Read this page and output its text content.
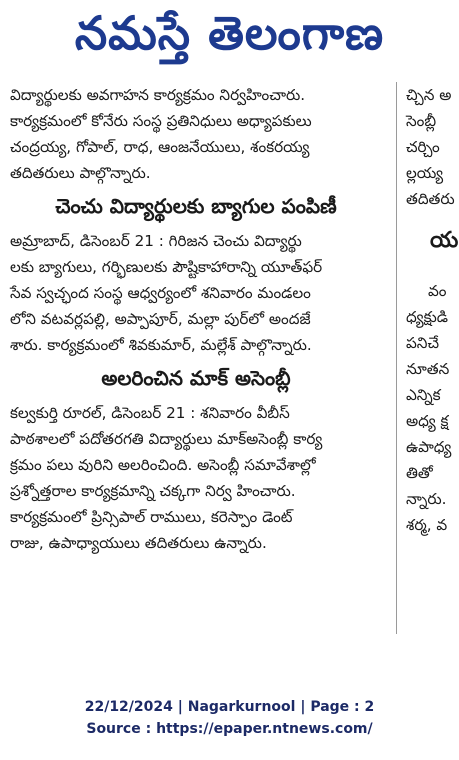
నమస్తే తెలంగాణ

విద్యార్థులకు అవగాహన కార్యక్రమం నిర్వహించారు.

కార్యక్రమంలో కోనేరు సంస్థ ప్రతినిధులు అధ్యాపకులు

చంద్రయ్య, గోపాల్, రాధ, ఆంజనేయులు, శంకరయ్య

తదితరులు పాల్గొన్నారు.

చెంచు విద్యార్థులకు బ్యాగుల పంపిణీ

అమ్రాబాద్, డిసెంబర్ 21 : గిరిజన చెంచు విద్యార్థు

లకు బ్యాగులు, గర్భిణులకు పౌష్టికాహారాన్ని యూత్‌ఫర్

సేవ స్వచ్ఛంద సంస్థ ఆధ్వర్యంలో శనివారం మండలం

లోని వటవర్లపల్లి, అప్పాపూర్, మల్లా పుర్‌లో అందజే

శారు. కార్యక్రమంలో శివకుమార్, మల్లేశ్ పాల్గొన్నారు.

అలరించిన మాక్ అసెంబ్లీ

కల్వకుర్తి రూరల్, డిసెంబర్ 21 : శనివారం వీబీస్

పాఠశాలలో పదోతరగతి విద్యార్థులు మాక్‌అసెంబ్లీ కార్య

క్రమం పలు వురిని అలరించింది. అసెంబ్లీ సమావేశాల్లో

ప్రశ్నోత్తరాల కార్యక్రమాన్ని చక్కగా నిర్వ హించారు.

కార్యక్రమంలో ప్రిన్సిపాల్ రాములు, కరెస్పాం డెంట్

రాజు, ఉపాధ్యాయులు తదితరులు ఉన్నారు.

చ్చిన అ
సెంబ్లీ
చర్చిం
ల్లయ్య
తదితరు
య
వం
ధ్యక్షుడి
పనిచే
నూతన
ఎన్నిక
అధ్య క్ష
ఉపాధ్య
తితో
న్నారు.
శర్మ, వ
22/12/2024 | Nagarkurnool | Page : 2
Source : https://epaper.ntnews.com/
